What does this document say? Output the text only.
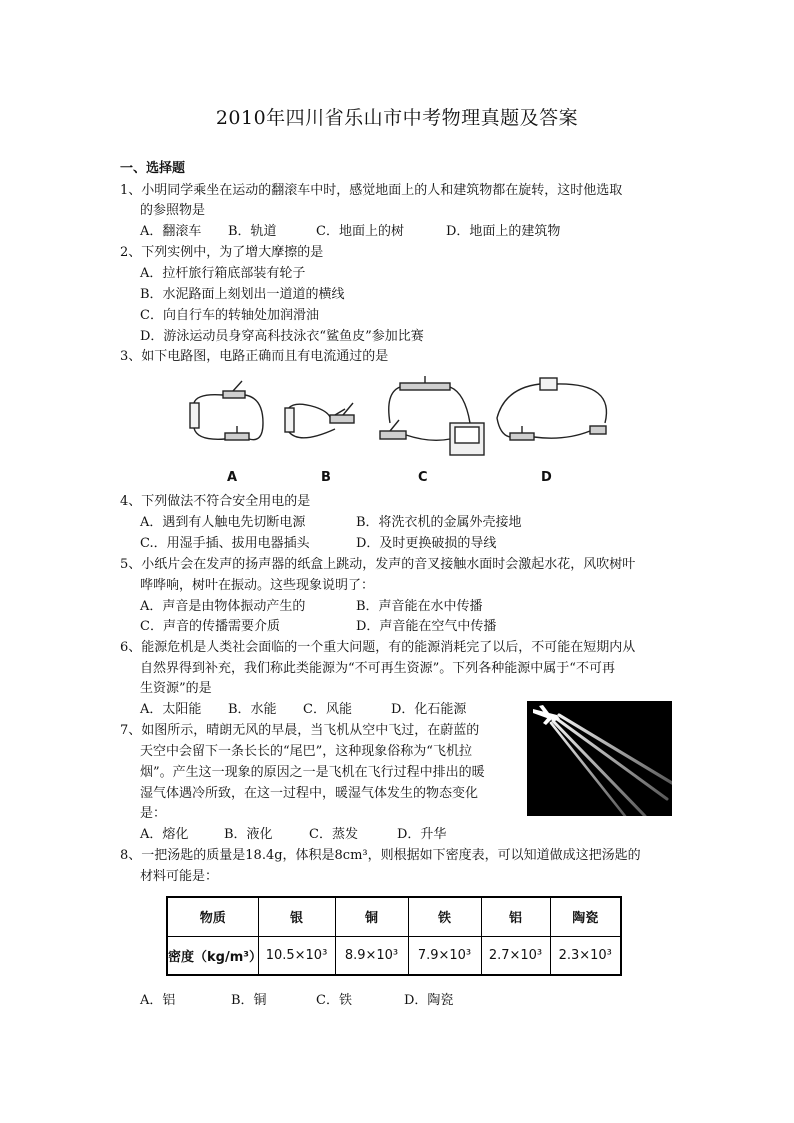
2010年四川省乐山市中考物理真题及答案
一、选择题
1、小明同学乘坐在运动的翻滚车中时，感觉地面上的人和建筑物都在旋转，这时他选取
的参照物是
A．翻滚车 B．轨道	C．地面上的树	D．地面上的建筑物
2、下列实例中，为了增大摩擦的是
A．拉杆旅行箱底部装有轮子
B．水泥路面上刻划出一道道的横线
C．向自行车的转轴处加润滑油
D．游泳运动员身穿高科技泳衣“鲨鱼皮”参加比赛
3、如下电路图，电路正确而且有电流通过的是
A	B	C	D
4、下列做法不符合安全用电的是
A．遇到有人触电先切断电源	B．将洗衣机的金属外壳接地
C.．用湿手插、拔用电器插头	D．及时更换破损的导线
5、小纸片会在发声的扬声器的纸盒上跳动，发声的音叉接触水面时会激起水花，风吹树叶
哗哗响，树叶在振动。这些现象说明了：
A．声音是由物体振动产生的	B．声音能在水中传播
C．声音的传播需要介质	D．声音能在空气中传播
6、能源危机是人类社会面临的一个重大问题，有的能源消耗完了以后，不可能在短期内从
自然界得到补充，我们称此类能源为“不可再生资源”。下列各种能源中属于“不可再
生资源”的是
A．太阳能 B．水能 C．风能	D．化石能源
7、如图所示，晴朗无风的早晨，当飞机从空中飞过，在蔚蓝的
天空中会留下一条长长的“尾巴”，这种现象俗称为“飞机拉
烟”。产生这一现象的原因之一是飞机在飞行过程中排出的暖
湿气体遇冷所致，在这一过程中，暖湿气体发生的物态变化
是：
A．熔化	B．液化	C．蒸发	D．升华
8、一把汤匙的质量是18.4g，体积是8cm³，则根据如下密度表，可以知道做成这把汤匙的
材料可能是：
物质	银	铜	铁	铝	陶瓷
密度（kg/m³）	10.5×10³	8.9×10³	7.9×10³	2.7×10³	2.3×10³
A．铝	B．铜	C．铁	D．陶瓷
